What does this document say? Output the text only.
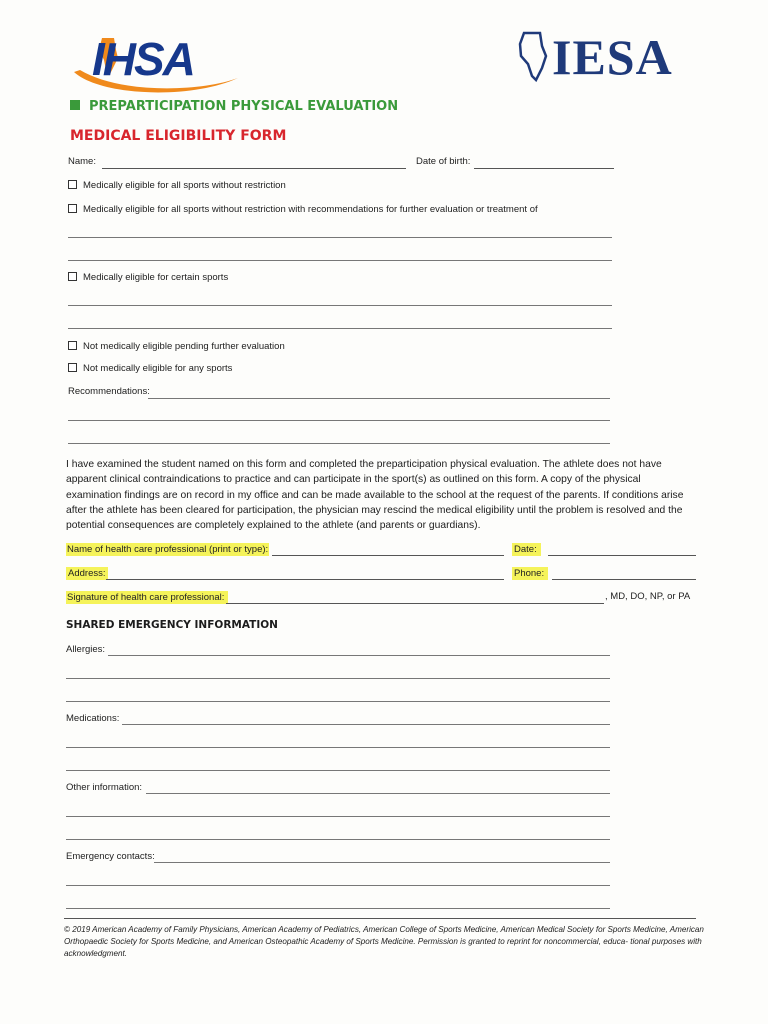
IHSA	IESA
PREPARTICIPATION PHYSICAL EVALUATION
MEDICAL ELIGIBILITY FORM
Name:	Date of birth:
Medically eligible for all sports without restriction
Medically eligible for all sports without restriction with recommendations for further evaluation or treatment of
Medically eligible for certain sports
Not medically eligible pending further evaluation
Not medically eligible for any sports
Recommendations:
I have examined the student named on this form and completed the preparticipation physical evaluation. The athlete does not have apparent clinical contraindications to practice and can participate in the sport(s) as outlined on this form. A copy of the physical examination findings are on record in my office and can be made available to the school at the request of the parents. If conditions arise after the athlete has been cleared for participation, the physician may rescind the medical eligibility until the problem is resolved and the potential consequences are completely explained to the athlete (and parents or guardians).
Name of health care professional (print or type):	Date:
Address:	Phone:
Signature of health care professional:	, MD, DO, NP, or PA
SHARED EMERGENCY INFORMATION
Allergies:
Medications:
Other information:
Emergency contacts:
© 2019 American Academy of Family Physicians, American Academy of Pediatrics, American College of Sports Medicine, American Medical Society for Sports Medicine, American Orthopaedic Society for Sports Medicine, and American Osteopathic Academy of Sports Medicine. Permission is granted to reprint for noncommercial, educa- tional purposes with acknowledgment.
